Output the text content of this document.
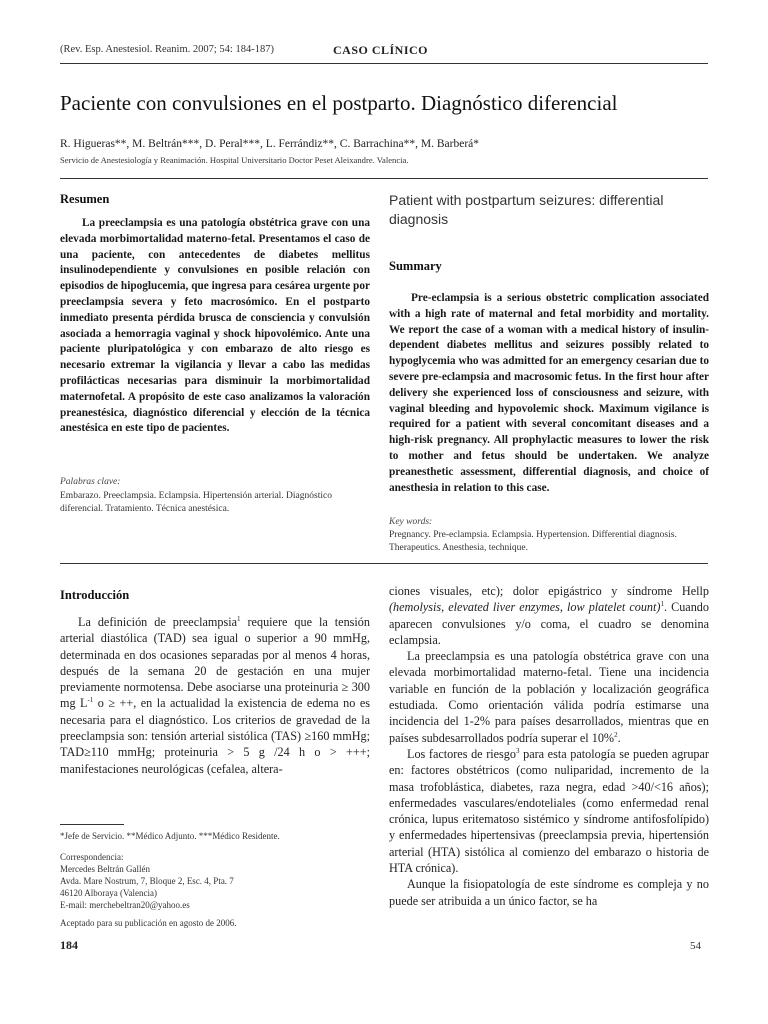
(Rev. Esp. Anestesiol. Reanim. 2007; 54: 184-187)	CASO CLÍNICO
Paciente con convulsiones en el postparto. Diagnóstico diferencial
R. Higueras**, M. Beltrán***, D. Peral***, L. Ferrándiz**, C. Barrachina**, M. Barberá*
Servicio de Anestesiología y Reanimación. Hospital Universitario Doctor Peset Aleixandre. Valencia.
Resumen

La preeclampsia es una patología obstétrica grave con una elevada morbimortalidad materno-fetal. Presentamos el caso de una paciente, con antecedentes de diabetes mellitus insulinodependiente y convulsiones en posible relación con episodios de hipoglucemia, que ingresa para cesárea urgente por preeclampsia severa y feto macrosómico. En el postparto inmediato presenta pérdida brusca de consciencia y convulsión asociada a hemorragia vaginal y shock hipovolémico. Ante una paciente pluripatológica y con embarazo de alto riesgo es necesario extremar la vigilancia y llevar a cabo las medidas profilácticas necesarias para disminuir la morbimortalidad maternofetal. A propósito de este caso analizamos la valoración preanestésica, diagnóstico diferencial y elección de la técnica anestésica en este tipo de pacientes.

Palabras clave:
Embarazo. Preeclampsia. Eclampsia. Hipertensión arterial. Diagnóstico diferencial. Tratamiento. Técnica anestésica.
Patient with postpartum seizures: differential diagnosis
Summary

Pre-eclampsia is a serious obstetric complication associated with a high rate of maternal and fetal morbidity and mortality. We report the case of a woman with a medical history of insulin-dependent diabetes mellitus and seizures possibly related to hypoglycemia who was admitted for an emergency cesarian due to severe pre-eclampsia and macrosomic fetus. In the first hour after delivery she experienced loss of consciousness and seizure, with vaginal bleeding and hypovolemic shock. Maximum vigilance is required for a patient with several concomitant diseases and a high-risk pregnancy. All prophylactic measures to lower the risk to mother and fetus should be undertaken. We analyze preanesthetic assessment, differential diagnosis, and choice of anesthesia in relation to this case.

Key words:
Pregnancy. Pre-eclampsia. Eclampsia. Hypertension. Differential diagnosis. Therapeutics. Anesthesia, technique.
Introducción

La definición de preeclampsia$^1$ requiere que la tensión arterial diastólica (TAD) sea igual o superior a 90 mmHg, determinada en dos ocasiones separadas por al menos 4 horas, después de la semana 20 de gestación en una mujer previamente normotensa. Debe asociarse una proteinuria ≥ 300 mg $L^{-1}$ o ≥ ++, en la actualidad la existencia de edema no es necesaria para el diagnóstico. Los criterios de gravedad de la preeclampsia son: tensión arterial sistólica (TAS) ≥160 mmHg; TAD≥110 mmHg; proteinuria > 5 g /24 h o > +++; manifestaciones neurológicas (cefalea, altera-

ciones visuales, etc); dolor epigástrico y síndrome Hellp (hemolysis, elevated liver enzymes, low platelet count)$^1$. Cuando aparecen convulsiones y/o coma, el cuadro se denomina eclampsia.

La preeclampsia es una patología obstétrica grave con una elevada morbimortalidad materno-fetal. Tiene una incidencia variable en función de la población y localización geográfica estudiada. Como orientación válida podría estimarse una incidencia del 1-2% para países desarrollados, mientras que en países subdesarrollados podría superar el 10%$^2$.

Los factores de riesgo$^3$ para esta patología se pueden agrupar en: factores obstétricos (como nuliparidad, incremento de la masa trofoblástica, diabetes, raza negra, edad >40/<16 años); enfermedades vasculares/endoteliales (como enfermedad renal crónica, lupus eritematoso sistémico y síndrome antifosfolípido) y enfermedades hipertensivas (preeclampsia previa, hipertensión arterial (HTA) sistólica al comienzo del embarazo o historia de HTA crónica).

Aunque la fisiopatología de este síndrome es compleja y no puede ser atribuida a un único factor, se ha

*Jefe de Servicio. **Médico Adjunto. ***Médico Residente.
Correspondencia:
Mercedes Beltrán Gallén
Avda. Mare Nostrum, 7, Bloque 2, Esc. 4, Pta. 7
46120 Alboraya (Valencia)
E-mail: merchebeltran20@yahoo.es
Aceptado para su publicación en agosto de 2006.
184	54
